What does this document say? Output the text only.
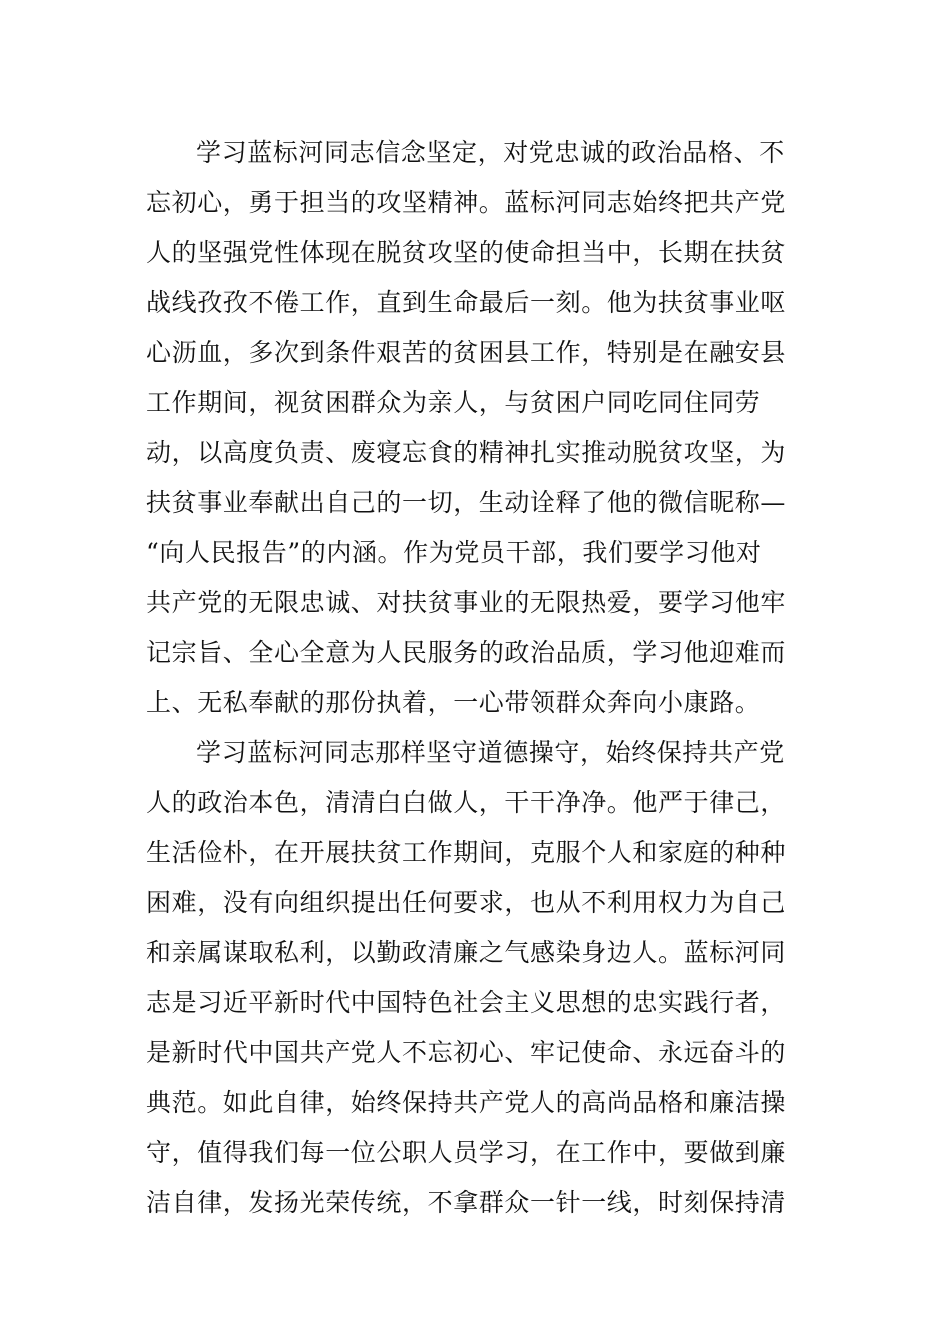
学习蓝标河同志信念坚定，对党忠诚的政治品格、不
忘初心，勇于担当的攻坚精神。蓝标河同志始终把共产党
人的坚强党性体现在脱贫攻坚的使命担当中，长期在扶贫
战线孜孜不倦工作，直到生命最后一刻。他为扶贫事业呕
心沥血，多次到条件艰苦的贫困县工作，特别是在融安县
工作期间，视贫困群众为亲人，与贫困户同吃同住同劳
动，以高度负责、废寝忘食的精神扎实推动脱贫攻坚，为
扶贫事业奉献出自己的一切，生动诠释了他的微信昵称—
“向人民报告”的内涵。作为党员干部，我们要学习他对
共产党的无限忠诚、对扶贫事业的无限热爱，要学习他牢
记宗旨、全心全意为人民服务的政治品质，学习他迎难而
上、无私奉献的那份执着，一心带领群众奔向小康路。
学习蓝标河同志那样坚守道德操守，始终保持共产党
人的政治本色，清清白白做人，干干净净。他严于律己，
生活俭朴，在开展扶贫工作期间，克服个人和家庭的种种
困难，没有向组织提出任何要求，也从不利用权力为自己
和亲属谋取私利，以勤政清廉之气感染身边人。蓝标河同
志是习近平新时代中国特色社会主义思想的忠实践行者，
是新时代中国共产党人不忘初心、牢记使命、永远奋斗的
典范。如此自律，始终保持共产党人的高尚品格和廉洁操
守，值得我们每一位公职人员学习，在工作中，要做到廉
洁自律，发扬光荣传统，不拿群众一针一线，时刻保持清
